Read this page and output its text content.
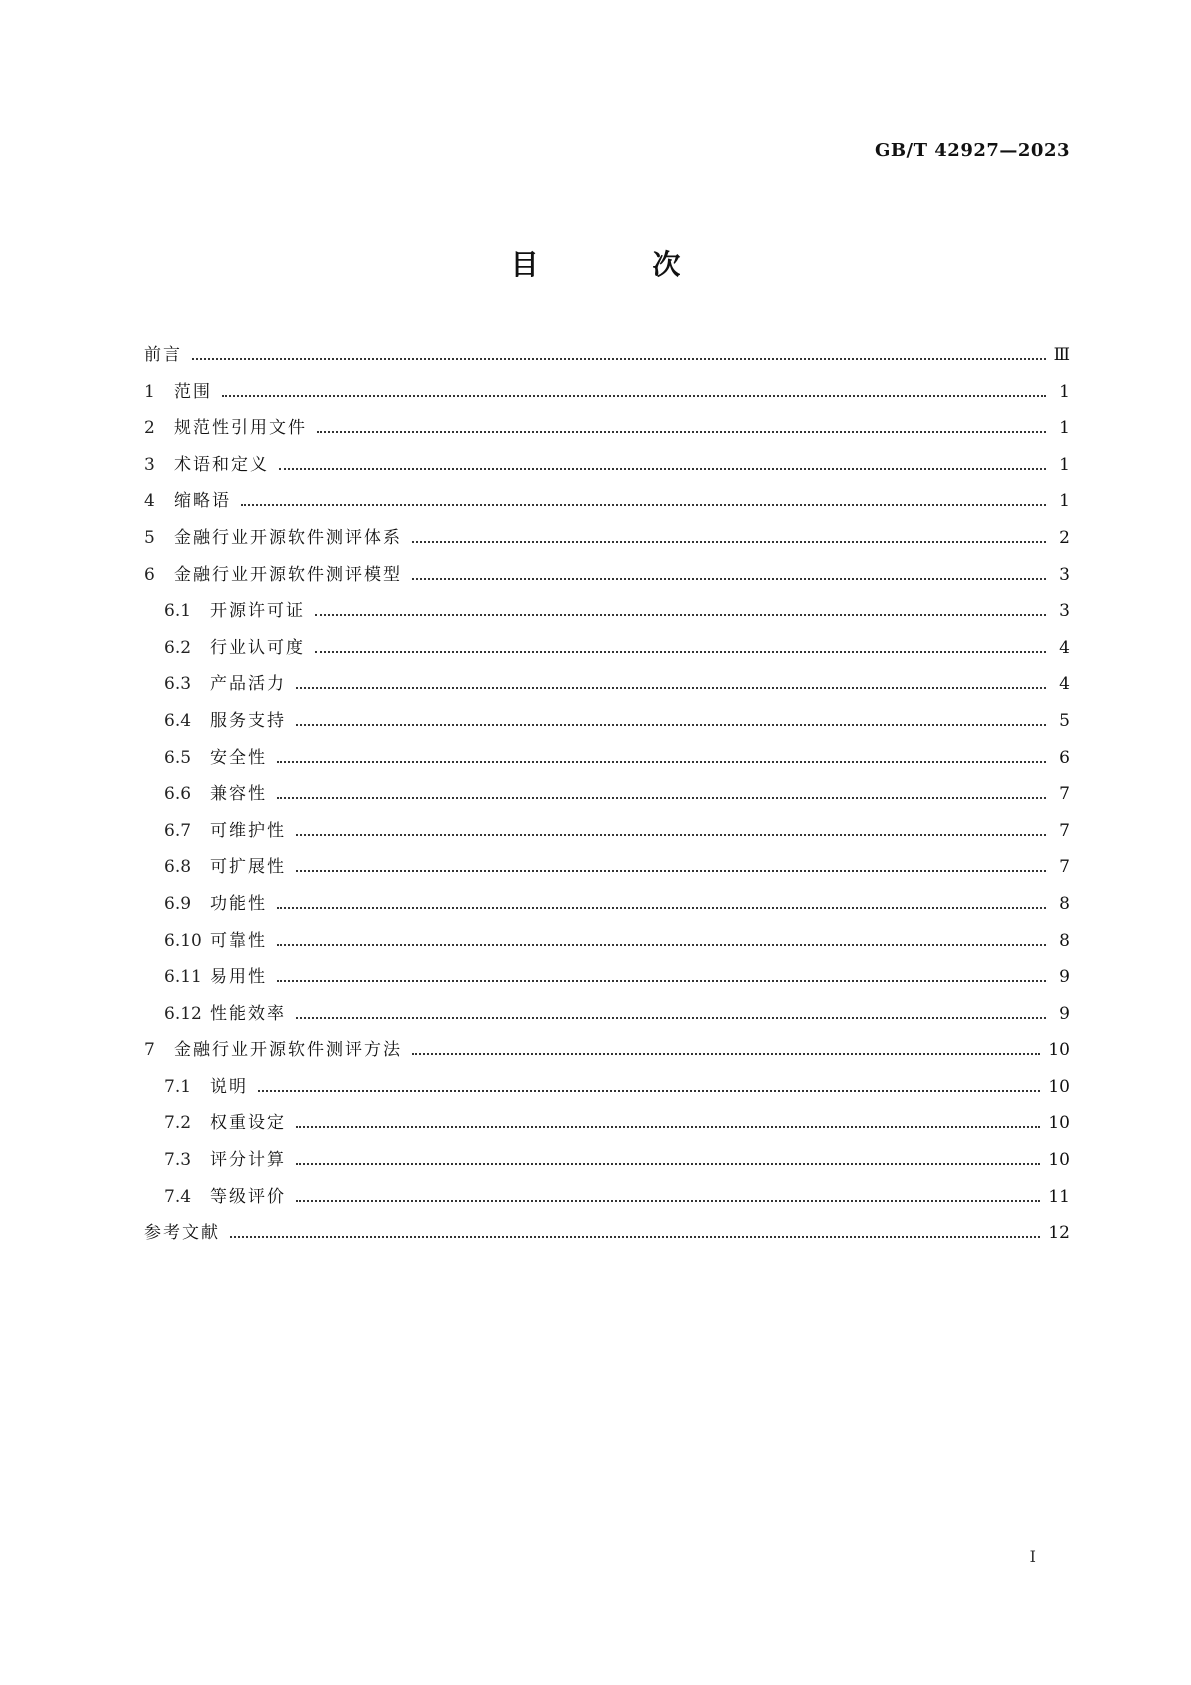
GB/T 42927—2023
目 次
前言	Ⅲ
1	范围	1
2	规范性引用文件	1
3	术语和定义	1
4	缩略语	1
5	金融行业开源软件测评体系	2
6	金融行业开源软件测评模型	3
6.1	开源许可证	3
6.2	行业认可度	4
6.3	产品活力	4
6.4	服务支持	5
6.5	安全性	6
6.6	兼容性	7
6.7	可维护性	7
6.8	可扩展性	7
6.9	功能性	8
6.10 可靠性	8
6.11 易用性	9
6.12 性能效率	9
7	金融行业开源软件测评方法	10
7.1	说明	10
7.2	权重设定	10
7.3	评分计算	10
7.4	等级评价	11
参考文献	12
I
